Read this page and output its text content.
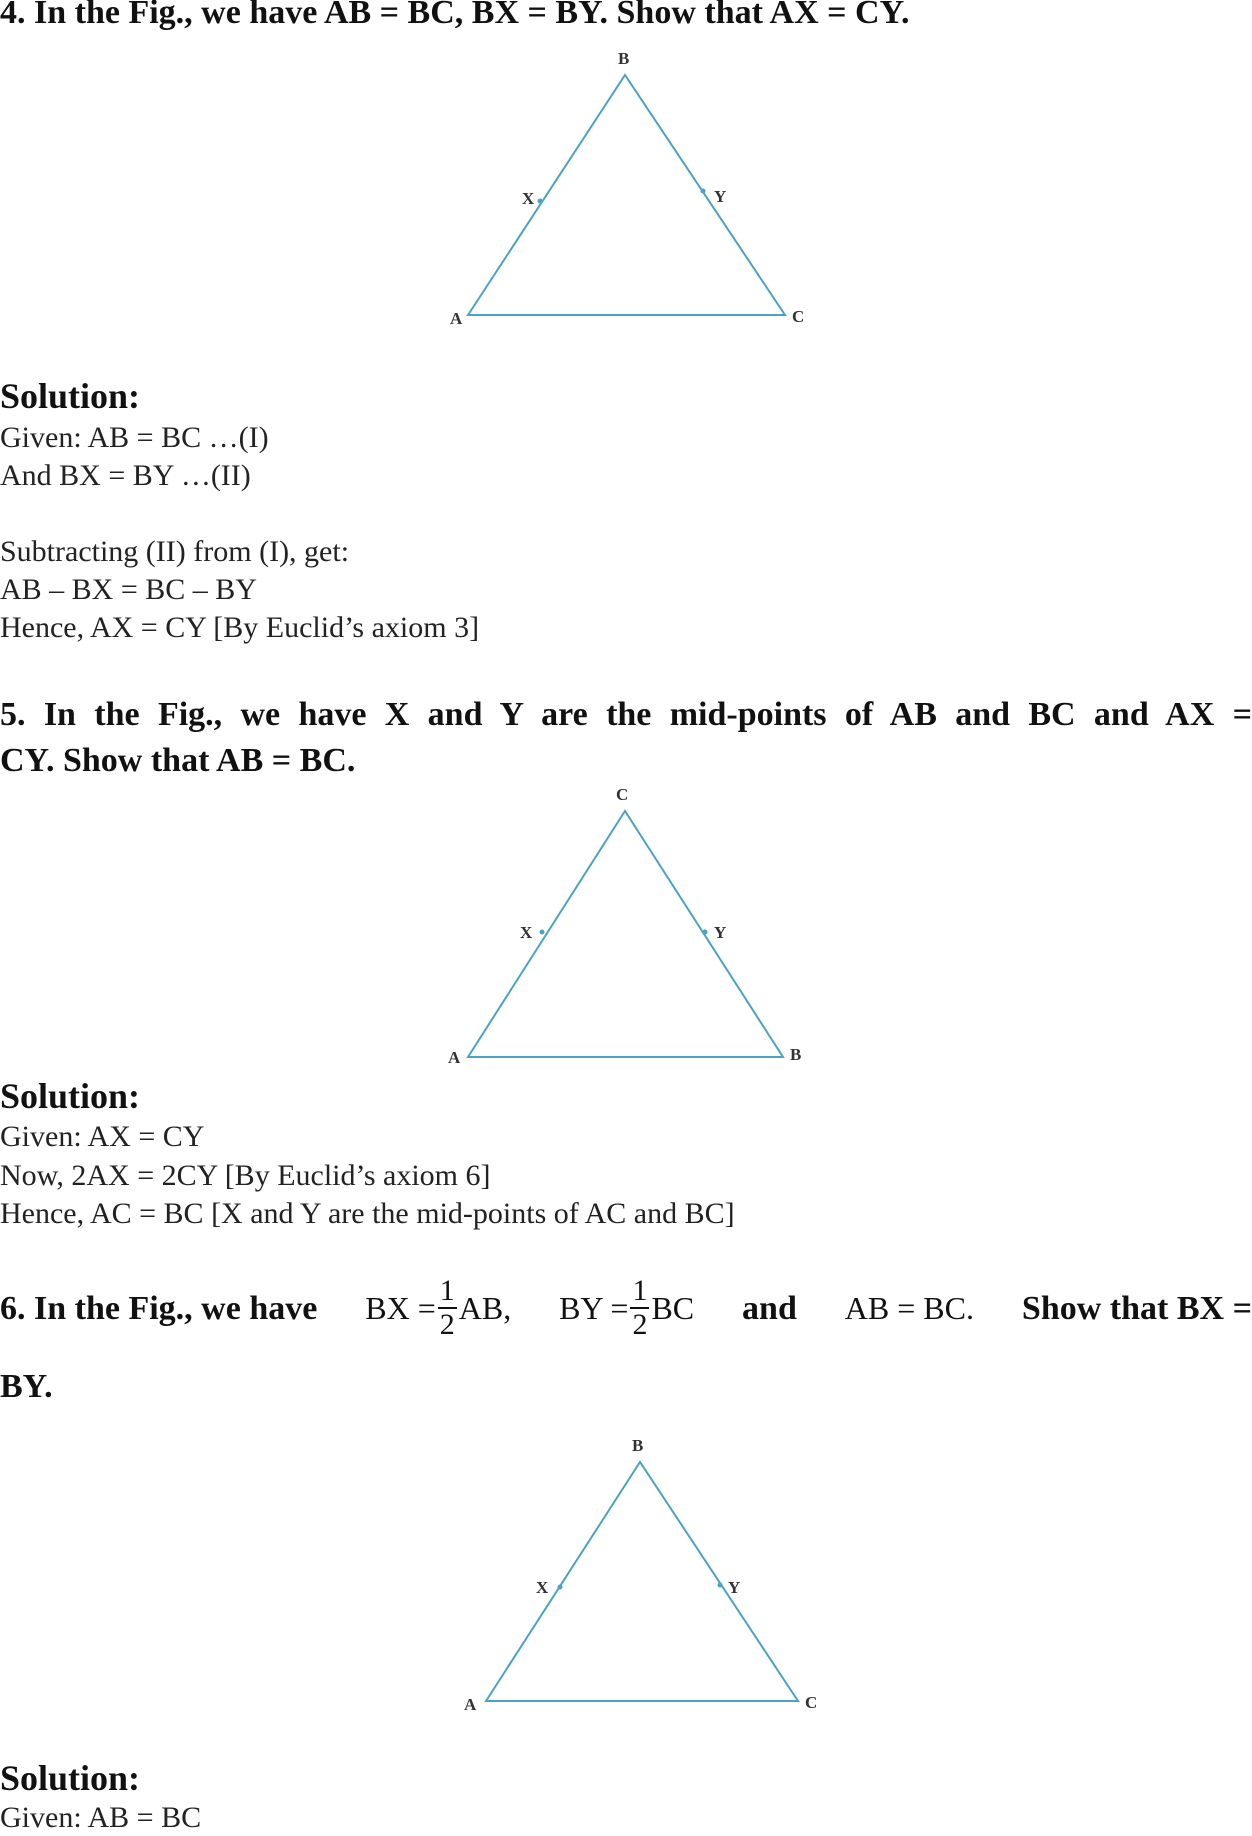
4. In the Fig., we have AB = BC, BX = BY. Show that AX = CY.
B
X	Y
A	C
Solution:
Given: AB = BC …(I)
And BX = BY …(II)
Subtracting (II) from (I), get:
AB – BX = BC – BY
Hence, AX = CY [By Euclid’s axiom 3]
5. In the Fig., we have X and Y are the mid-points of AB and BC and AX =
CY. Show that AB = BC.
C
X	Y
A	B
Solution:
Given: AX = CY
Now, 2AX = 2CY [By Euclid’s axiom 6]
Hence, AC = BC [X and Y are the mid-points of AC and BC]
6. In the Fig., we have BX = $\frac{1}{2}$ AB, BY = $\frac{1}{2}$ BC and AB = BC. Show that BX =
BY.
B
X	Y
A	C
Solution:
Given: AB = BC
